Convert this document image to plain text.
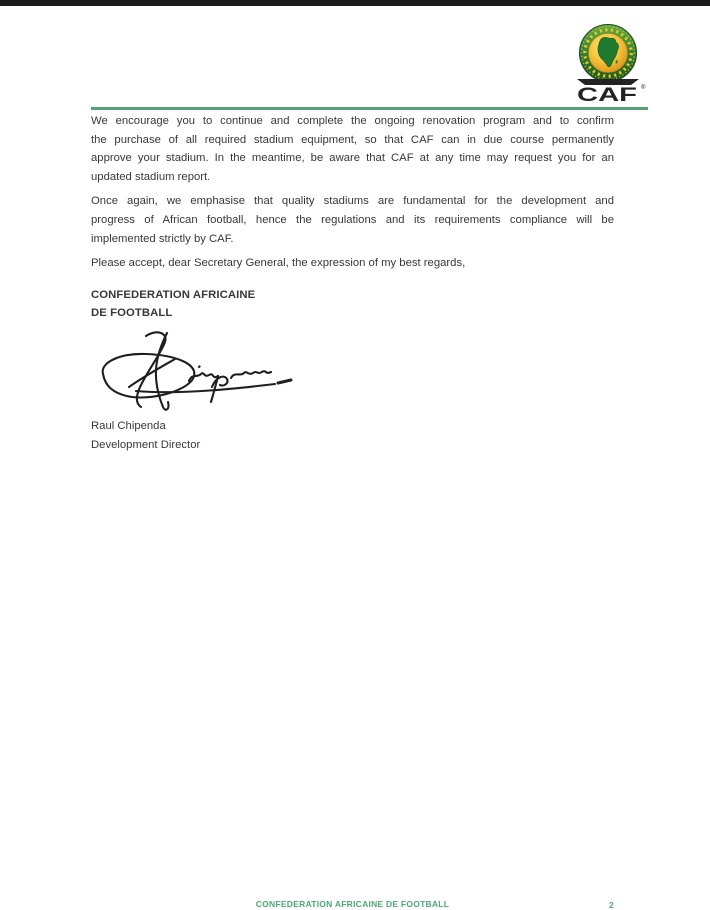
CAF ®
We encourage you to continue and complete the ongoing renovation program and to confirm
the purchase of all required stadium equipment, so that CAF can in due course permanently
approve your stadium. In the meantime, be aware that CAF at any time may request you for an
updated stadium report.
Once again, we emphasise that quality stadiums are fundamental for the development and
progress of African football, hence the regulations and its requirements compliance will be
implemented strictly by CAF.
Please accept, dear Secretary General, the expression of my best regards,
CONFEDERATION AFRICAINE
DE FOOTBALL
Raul Chipenda
Development Director
CONFEDERATION AFRICAINE DE FOOTBALL	2
